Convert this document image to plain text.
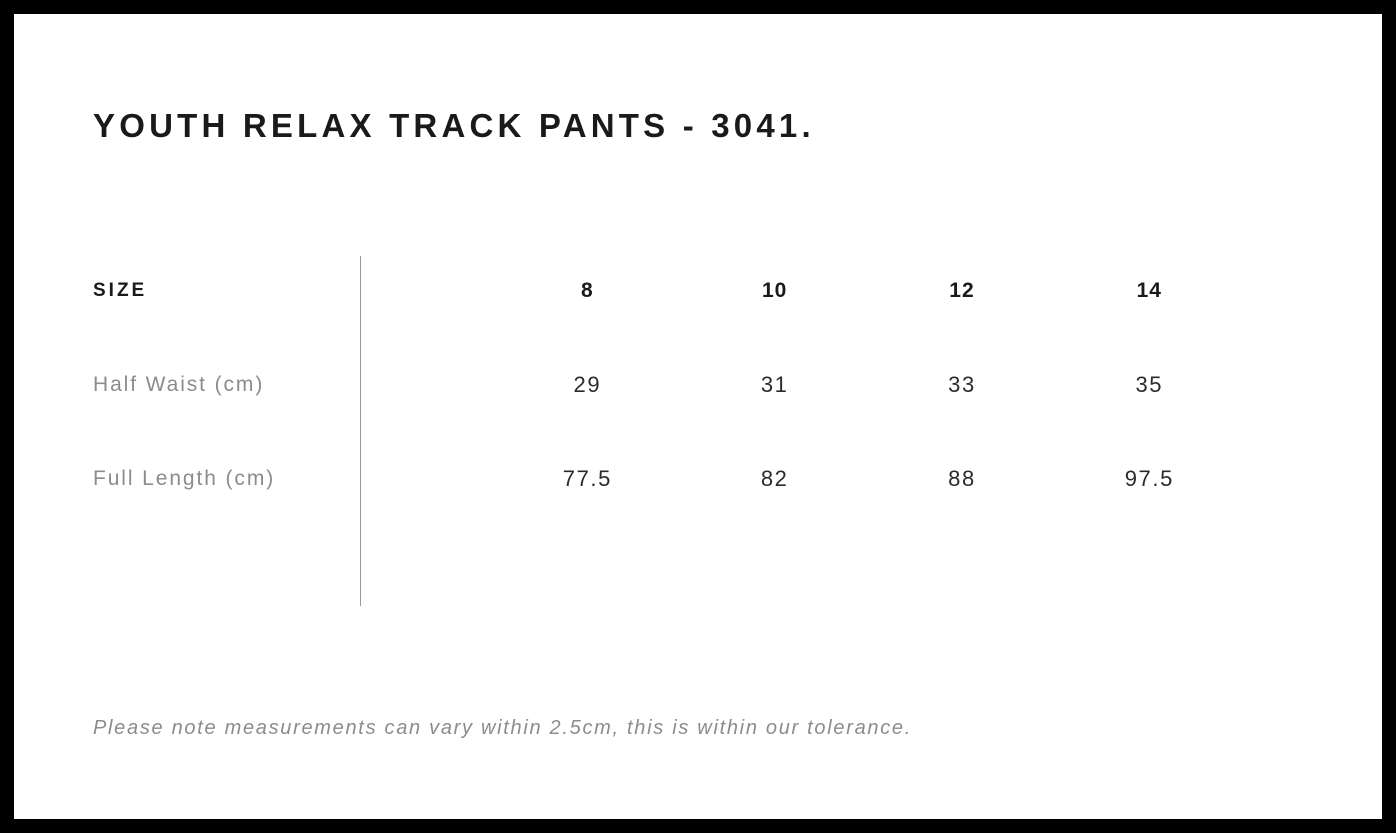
YOUTH RELAX TRACK PANTS - 3041.
SIZE	8	10	12	14
Half Waist (cm)	29	31	33	35
Full Length (cm)	77.5	82	88	97.5
Please note measurements can vary within 2.5cm, this is within our tolerance.
